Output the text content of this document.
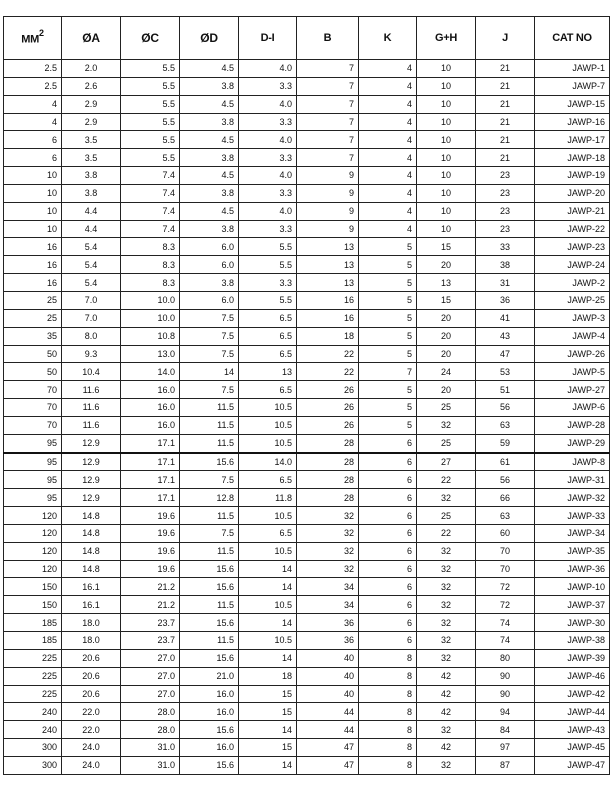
$MM^2$	ØA	ØC	ØD	D-I	B	K	G+H	J	CAT NO
2.5	2.0	5.5	4.5	4.0	7	4	10	21	JAWP-1
2.5	2.6	5.5	3.8	3.3	7	4	10	21	JAWP-7
4	2.9	5.5	4.5	4.0	7	4	10	21	JAWP-15
4	2.9	5.5	3.8	3.3	7	4	10	21	JAWP-16
6	3.5	5.5	4.5	4.0	7	4	10	21	JAWP-17
6	3.5	5.5	3.8	3.3	7	4	10	21	JAWP-18
10	3.8	7.4	4.5	4.0	9	4	10	23	JAWP-19
10	3.8	7.4	3.8	3.3	9	4	10	23	JAWP-20
10	4.4	7.4	4.5	4.0	9	4	10	23	JAWP-21
10	4.4	7.4	3.8	3.3	9	4	10	23	JAWP-22
16	5.4	8.3	6.0	5.5	13	5	15	33	JAWP-23
16	5.4	8.3	6.0	5.5	13	5	20	38	JAWP-24
16	5.4	8.3	3.8	3.3	13	5	13	31	JAWP-2
25	7.0	10.0	6.0	5.5	16	5	15	36	JAWP-25
25	7.0	10.0	7.5	6.5	16	5	20	41	JAWP-3
35	8.0	10.8	7.5	6.5	18	5	20	43	JAWP-4
50	9.3	13.0	7.5	6.5	22	5	20	47	JAWP-26
50	10.4	14.0	14	13	22	7	24	53	JAWP-5
70	11.6	16.0	7.5	6.5	26	5	20	51	JAWP-27
70	11.6	16.0	11.5	10.5	26	5	25	56	JAWP-6
70	11.6	16.0	11.5	10.5	26	5	32	63	JAWP-28
95	12.9	17.1	11.5	10.5	28	6	25	59	JAWP-29
95	12.9	17.1	15.6	14.0	28	6	27	61	JAWP-8
95	12.9	17.1	7.5	6.5	28	6	22	56	JAWP-31
95	12.9	17.1	12.8	11.8	28	6	32	66	JAWP-32
120	14.8	19.6	11.5	10.5	32	6	25	63	JAWP-33
120	14.8	19.6	7.5	6.5	32	6	22	60	JAWP-34
120	14.8	19.6	11.5	10.5	32	6	32	70	JAWP-35
120	14.8	19.6	15.6	14	32	6	32	70	JAWP-36
150	16.1	21.2	15.6	14	34	6	32	72	JAWP-10
150	16.1	21.2	11.5	10.5	34	6	32	72	JAWP-37
185	18.0	23.7	15.6	14	36	6	32	74	JAWP-30
185	18.0	23.7	11.5	10.5	36	6	32	74	JAWP-38
225	20.6	27.0	15.6	14	40	8	32	80	JAWP-39
225	20.6	27.0	21.0	18	40	8	42	90	JAWP-46
225	20.6	27.0	16.0	15	40	8	42	90	JAWP-42
240	22.0	28.0	16.0	15	44	8	42	94	JAWP-44
240	22.0	28.0	15.6	14	44	8	32	84	JAWP-43
300	24.0	31.0	16.0	15	47	8	42	97	JAWP-45
300	24.0	31.0	15.6	14	47	8	32	87	JAWP-47
